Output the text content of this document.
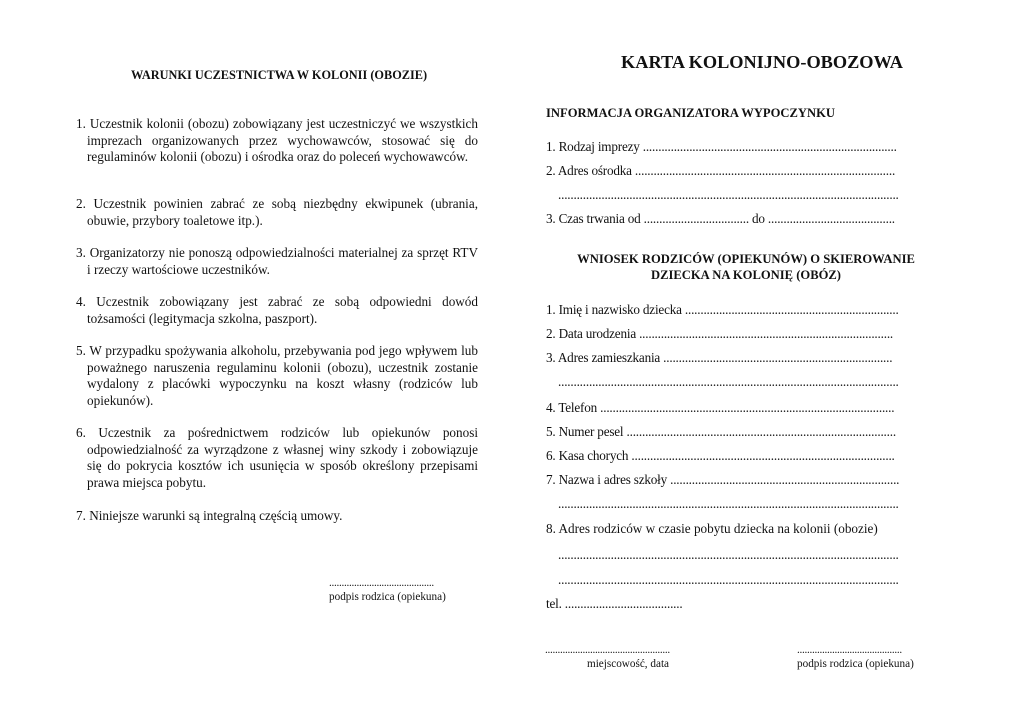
WARUNKI UCZESTNICTWA W KOLONII (OBOZIE)
1. Uczestnik kolonii (obozu) zobowiązany jest uczestniczyć we wszystkich imprezach organizowanych przez wychowawców, stosować się do regulaminów kolonii (obozu) i ośrodka oraz do poleceń wychowawców.
2. Uczestnik powinien zabrać ze sobą niezbędny ekwipunek (ubrania, obuwie, przybory toaletowe itp.).
3. Organizatorzy nie ponoszą odpowiedzialności materialnej za sprzęt RTV i rzeczy wartościowe uczestników.
4. Uczestnik zobowiązany jest zabrać ze sobą odpowiedni dowód tożsamości (legitymacja szkolna, paszport).
5. W przypadku spożywania alkoholu, przebywania pod jego wpływem lub poważnego naruszenia regulaminu kolonii (obozu), uczestnik zostanie wydalony z placówki wypoczynku na koszt własny (rodziców lub opiekunów).
6. Uczestnik za pośrednictwem rodziców lub opiekunów ponosi odpowiedzialność za wyrządzone z własnej winy szkody i zobowiązuje się do pokrycia kosztów ich usunięcia w sposób określony przepisami prawa miejsca pobytu.
7. Niniejsze warunki są integralną częścią umowy.
..........................................
podpis rodzica (opiekuna)
KARTA KOLONIJNO-OBOZOWA
INFORMACJA ORGANIZATORA WYPOCZYNKU
1. Rodzaj imprezy ..................................................................................
2. Adres ośrodka ....................................................................................
..............................................................................................................
3. Czas trwania od .................................. do .........................................
WNIOSEK RODZICÓW (OPIEKUNÓW) O SKIEROWANIE
DZIECKA NA KOLONIĘ (OBÓZ)
1. Imię i nazwisko dziecka .....................................................................
2. Data urodzenia ..................................................................................
3. Adres zamieszkania ..........................................................................
..............................................................................................................
4. Telefon ...............................................................................................
5. Numer pesel .......................................................................................
6. Kasa chorych .....................................................................................
7. Nazwa i adres szkoły ..........................................................................
..............................................................................................................
8. Adres rodziców w czasie pobytu dziecka na kolonii (obozie)
..............................................................................................................
..............................................................................................................
tel. ......................................
..................................................
miejscowość, data
..........................................
podpis rodzica (opiekuna)
